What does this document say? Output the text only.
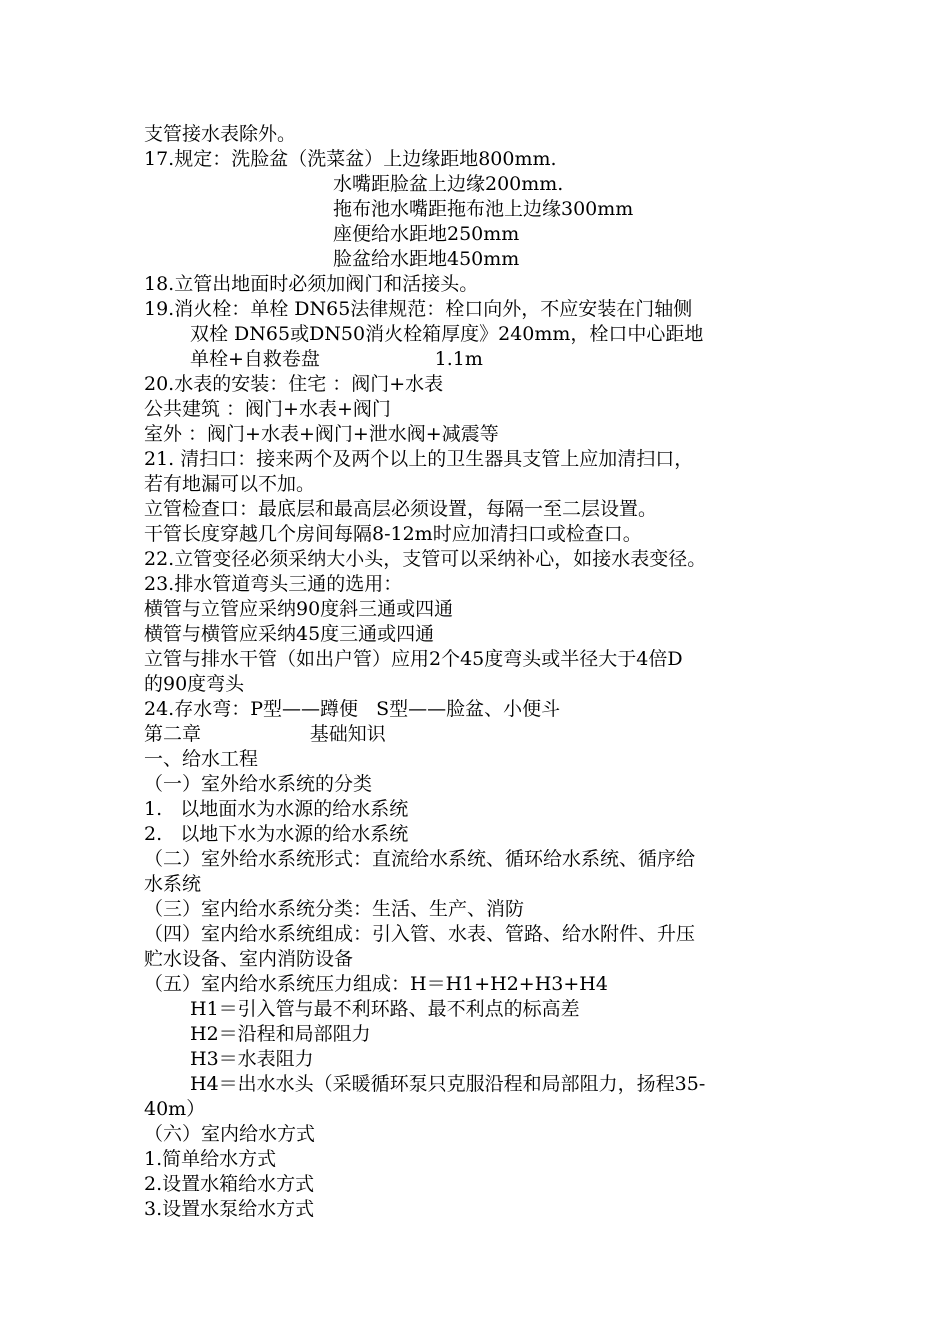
支管接水表除外。
17.规定：洗脸盆（洗菜盆）上边缘距地800mm.
水嘴距脸盆上边缘200mm.
拖布池水嘴距拖布池上边缘300mm
座便给水距地250mm
脸盆给水距地450mm
18.立管出地面时必须加阀门和活接头。
19.消火栓：单栓 DN65法律规范：栓口向外，不应安装在门轴侧
双栓 DN65或DN50消火栓箱厚度》240mm，栓口中心距地
单栓+自救卷盘                   1.1m
20.水表的安装：住宅 ：阀门+水表
公共建筑 ：阀门+水表+阀门
室外 ：阀门+水表+阀门+泄水阀+减震等
21. 清扫口：接来两个及两个以上的卫生器具支管上应加清扫口，
若有地漏可以不加。
立管检查口：最底层和最高层必须设置，每隔一至二层设置。
干管长度穿越几个房间每隔8-12m时应加清扫口或检查口。
22.立管变径必须采纳大小头，支管可以采纳补心，如接水表变径。
23.排水管道弯头三通的选用：
横管与立管应采纳90度斜三通或四通
横管与横管应采纳45度三通或四通
立管与排水干管（如出户管）应用2个45度弯头或半径大于4倍D
的90度弯头
24.存水弯：P型——蹲便   S型——脸盆、小便斗
第二章                  基础知识
一、给水工程
（一）室外给水系统的分类
1.   以地面水为水源的给水系统
2.   以地下水为水源的给水系统
（二）室外给水系统形式：直流给水系统、循环给水系统、循序给
水系统
（三）室内给水系统分类：生活、生产、消防
（四）室内给水系统组成：引入管、水表、管路、给水附件、升压
贮水设备、室内消防设备
（五）室内给水系统压力组成：H＝H1+H2+H3+H4
H1＝引入管与最不利环路、最不利点的标高差
H2＝沿程和局部阻力
H3＝水表阻力
H4＝出水水头（采暖循环泵只克服沿程和局部阻力，扬程35-
40m）
（六）室内给水方式
1.简单给水方式
2.设置水箱给水方式
3.设置水泵给水方式
